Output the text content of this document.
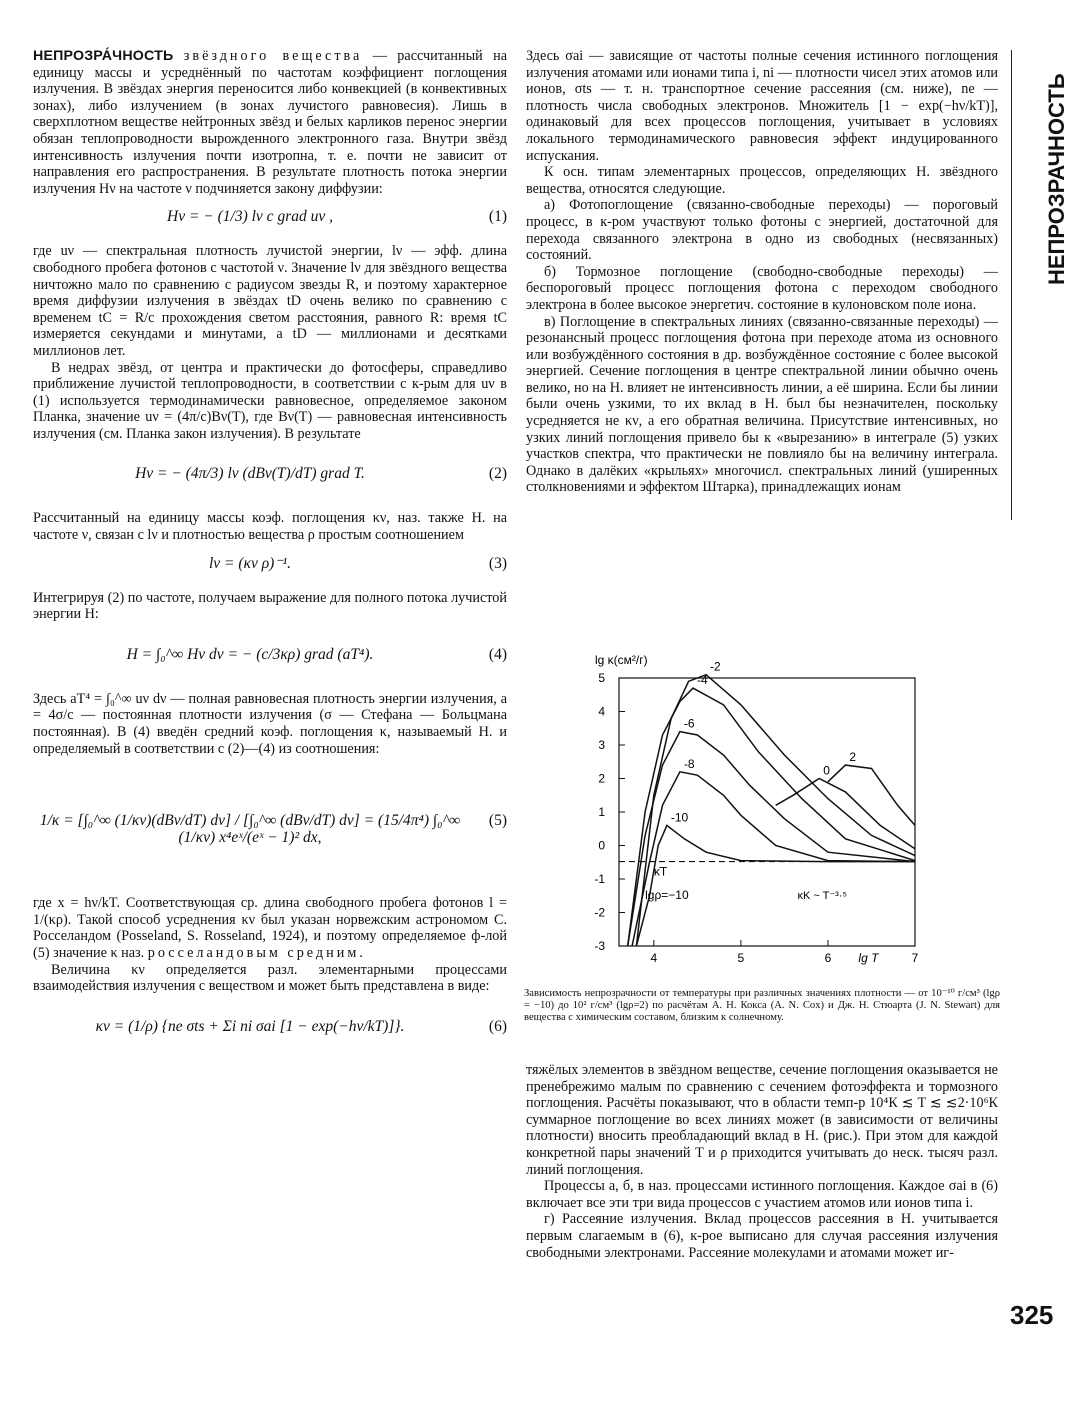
НЕПРОЗРАЧНОСТЬ

НЕПРОЗРА́ЧНОСТЬ звёздного вещества — рассчитанный на единицу массы и усреднённый по частотам коэффициент поглощения излучения. В звёздах энергия переносится либо конвекцией (в конвективных зонах), либо излучением (в зонах лучистого равновесия). Лишь в сверхплотном веществе нейтронных звёзд и белых карликов перенос энергии обязан теплопроводности вырожденного электронного газа. Внутри звёзд интенсивность излучения почти изотропна, т. е. почти не зависит от направления его распространения. В результате плотность потока энергии излучения Hν на частоте ν подчиняется закону диффузии:

Hν = − (1/3) lν c grad uν ,	(1)

где uν — спектральная плотность лучистой энергии, lν — эфф. длина свободного пробега фотонов с частотой ν. Значение lν для звёздного вещества ничтожно мало по сравнению с радиусом звезды R, и поэтому характерное время диффузии излучения в звёздах tD очень велико по сравнению с временем tC = R/c прохождения светом расстояния, равного R: время tC измеряется секундами и минутами, а tD — миллионами и десятками миллионов лет.

В недрах звёзд, от центра и практически до фотосферы, справедливо приближение лучистой теплопроводности, в соответствии с к-рым для uν в (1) используется термодинамически равновесное, определяемое законом Планка, значение uν = (4π/c)Bν(T), где Bν(T) — равновесная интенсивность излучения (см. Планка закон излучения). В результате

Hν = − (4π/3) lν (dBν(T)/dT) grad T.	(2)

Рассчитанный на единицу массы коэф. поглощения κν, наз. также Н. на частоте ν, связан с lν и плотностью вещества ρ простым соотношением

lν = (κν ρ)⁻¹.	(3)

Интегрируя (2) по частоте, получаем выражение для полного потока лучистой энергии H:

H = ∫₀^∞ Hν dν = − (c/3κρ) grad (aT⁴).	(4)

Здесь aT⁴ = ∫₀^∞ uν dν — полная равновесная плотность энергии излучения, a = 4σ/c — постоянная плотности излучения (σ — Стефана — Больцмана постоянная). В (4) введён средний коэф. поглощения κ, называемый Н. и определяемый в соответствии с (2)—(4) из соотношения:

1/κ = [∫₀^∞ (1/κν)(dBν/dT) dν] / [∫₀^∞ (dBν/dT) dν] = (15/4π⁴) ∫₀^∞ (1/κν) x⁴eˣ/(eˣ − 1)² dx,
(5)

где x = hν/kT. Соответствующая ср. длина свободного пробега фотонов l = 1/(κρ). Такой способ усреднения κν был указан норвежским астрономом С. Росселандом (Рosseland, S. Rosseland, 1924), и поэтому определяемое ф-лой (5) значение κ наз. росселандовым средним.

Величина κν определяется разл. элементарными процессами взаимодействия излучения с веществом и может быть представлена в виде:

κν = (1/ρ) {ne σts + Σi ni σai [1 − exp(−hν/kT)]}.	(6)

Здесь σai — зависящие от частоты полные сечения истинного поглощения излучения атомами или ионами типа i, ni — плотности чисел этих атомов или ионов, σts — т. н. транспортное сечение рассеяния (см. ниже), ne — плотность числа свободных электронов. Множитель [1 − exp(−hν/kT)], одинаковый для всех процессов поглощения, учитывает в условиях локального термодинамического равновесия эффект индуцированного испускания.

К осн. типам элементарных процессов, определяющих Н. звёздного вещества, относятся следующие.

а) Фотопоглощение (связанно-свободные переходы) — пороговый процесс, в к-ром участвуют только фотоны с энергией, достаточной для перехода связанного электрона в одно из свободных (несвязанных) состояний.

б) Тормозное поглощение (свободно-свободные переходы) — беспороговый процесс поглощения фотона с переходом свободного электрона в более высокое энергетич. состояние в кулоновском поле иона.

в) Поглощение в спектральных линиях (связанно-связанные переходы) — резонансный процесс поглощения фотона при переходе атома из основного или возбуждённого состояния в др. возбуждённое состояние с более высокой энергией. Сечение поглощения в центре спектральной линии обычно очень велико, но на Н. влияет не интенсивность линии, а её ширина. Если бы линии были очень узкими, то их вклад в Н. был бы незначителен, поскольку усредняется не κν, а его обратная величина. Присутствие интенсивных, но узких линий поглощения привело бы к «вырезанию» в интеграле (5) узких участков спектра, что практически не повлияло бы на величину интеграла. Однако в далёких «крыльях» многочисл. спектральных линий (уширенных столкновениями и эффектом Штарка), принадлежащих ионам

lg κ(см²/г)
5
4
3
2
1
0
-1
-2
-3
4	5	6	7
-10
-8
-6
-4
-2
0
2
κ̇T
κK ~ T⁻³·⁵
lgρ=−10
lg T

Зависимость непрозрачности от температуры при различных значениях плотности — от 10⁻¹⁰ г/см³ (lgρ = −10) до 10² г/см³ (lgρ=2) по расчётам А. Н. Кокса (A. N. Cox) и Дж. Н. Стюарта (J. N. Stewart) для вещества с химическим составом, близким к солнечному.

тяжёлых элементов в звёздном веществе, сечение поглощения оказывается не пренебрежимо малым по сравнению с сечением фотоэффекта и тормозного поглощения. Расчёты показывают, что в области темп-р 10⁴К ≲ T ≲ ≲2·10⁶К суммарное поглощение во всех линиях может (в зависимости от величины плотности) вносить преобладающий вклад в Н. (рис.). При этом для каждой конкретной пары значений T и ρ приходится учитывать до неск. тысяч разл. линий поглощения.

Процессы а, б, в наз. процессами истинного поглощения. Каждое σai в (6) включает все эти три вида процессов с участием атомов или ионов типа i.

г) Рассеяние излучения. Вклад процессов рассеяния в Н. учитывается первым слагаемым в (6), к-рое выписано для случая рассеяния излучения свободными электронами. Рассеяние молекулами и атомами может иг-

325
